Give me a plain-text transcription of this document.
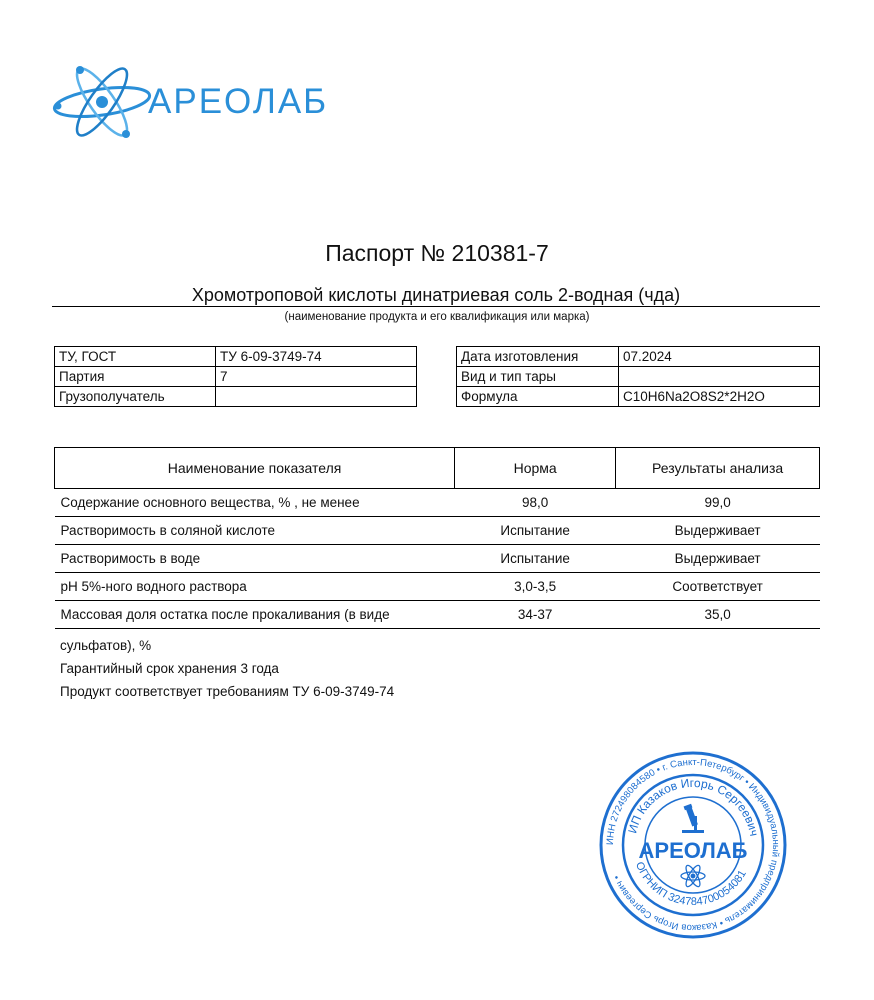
АРЕОЛАБ
Паспорт № 210381-7
Хромотроповой кислоты динатриевая соль 2-водная (чда)
(наименование продукта и его квалификация или марка)
ТУ, ГОСТ	ТУ 6-09-3749-74
Партия	7
Грузополучатель	
Дата изготовления	07.2024
Вид и тип тары	
Формула	C10H6Na2O8S2*2H2O
Наименование показателя	Норма	Результаты анализа
Содержание основного вещества, % , не менее	98,0	99,0
Растворимость в соляной кислоте	Испытание	Выдерживает
Растворимость в воде	Испытание	Выдерживает
pH 5%-ного водного раствора	3,0-3,5	Соответствует
Массовая доля остатка после прокаливания (в виде	34-37	35,0
сульфатов), %
Гарантийный срок хранения 3 года
Продукт соответствует требованиям ТУ 6-09-3749-74
ИНН 272498084580 • г. Санкт-Петербург • Индивидуальный предприниматель • Казаков Игорь Сергеевич •
ИП Казаков Игорь Сергеевич
ОГРНИП 324784700054081
АРЕОЛАБ
